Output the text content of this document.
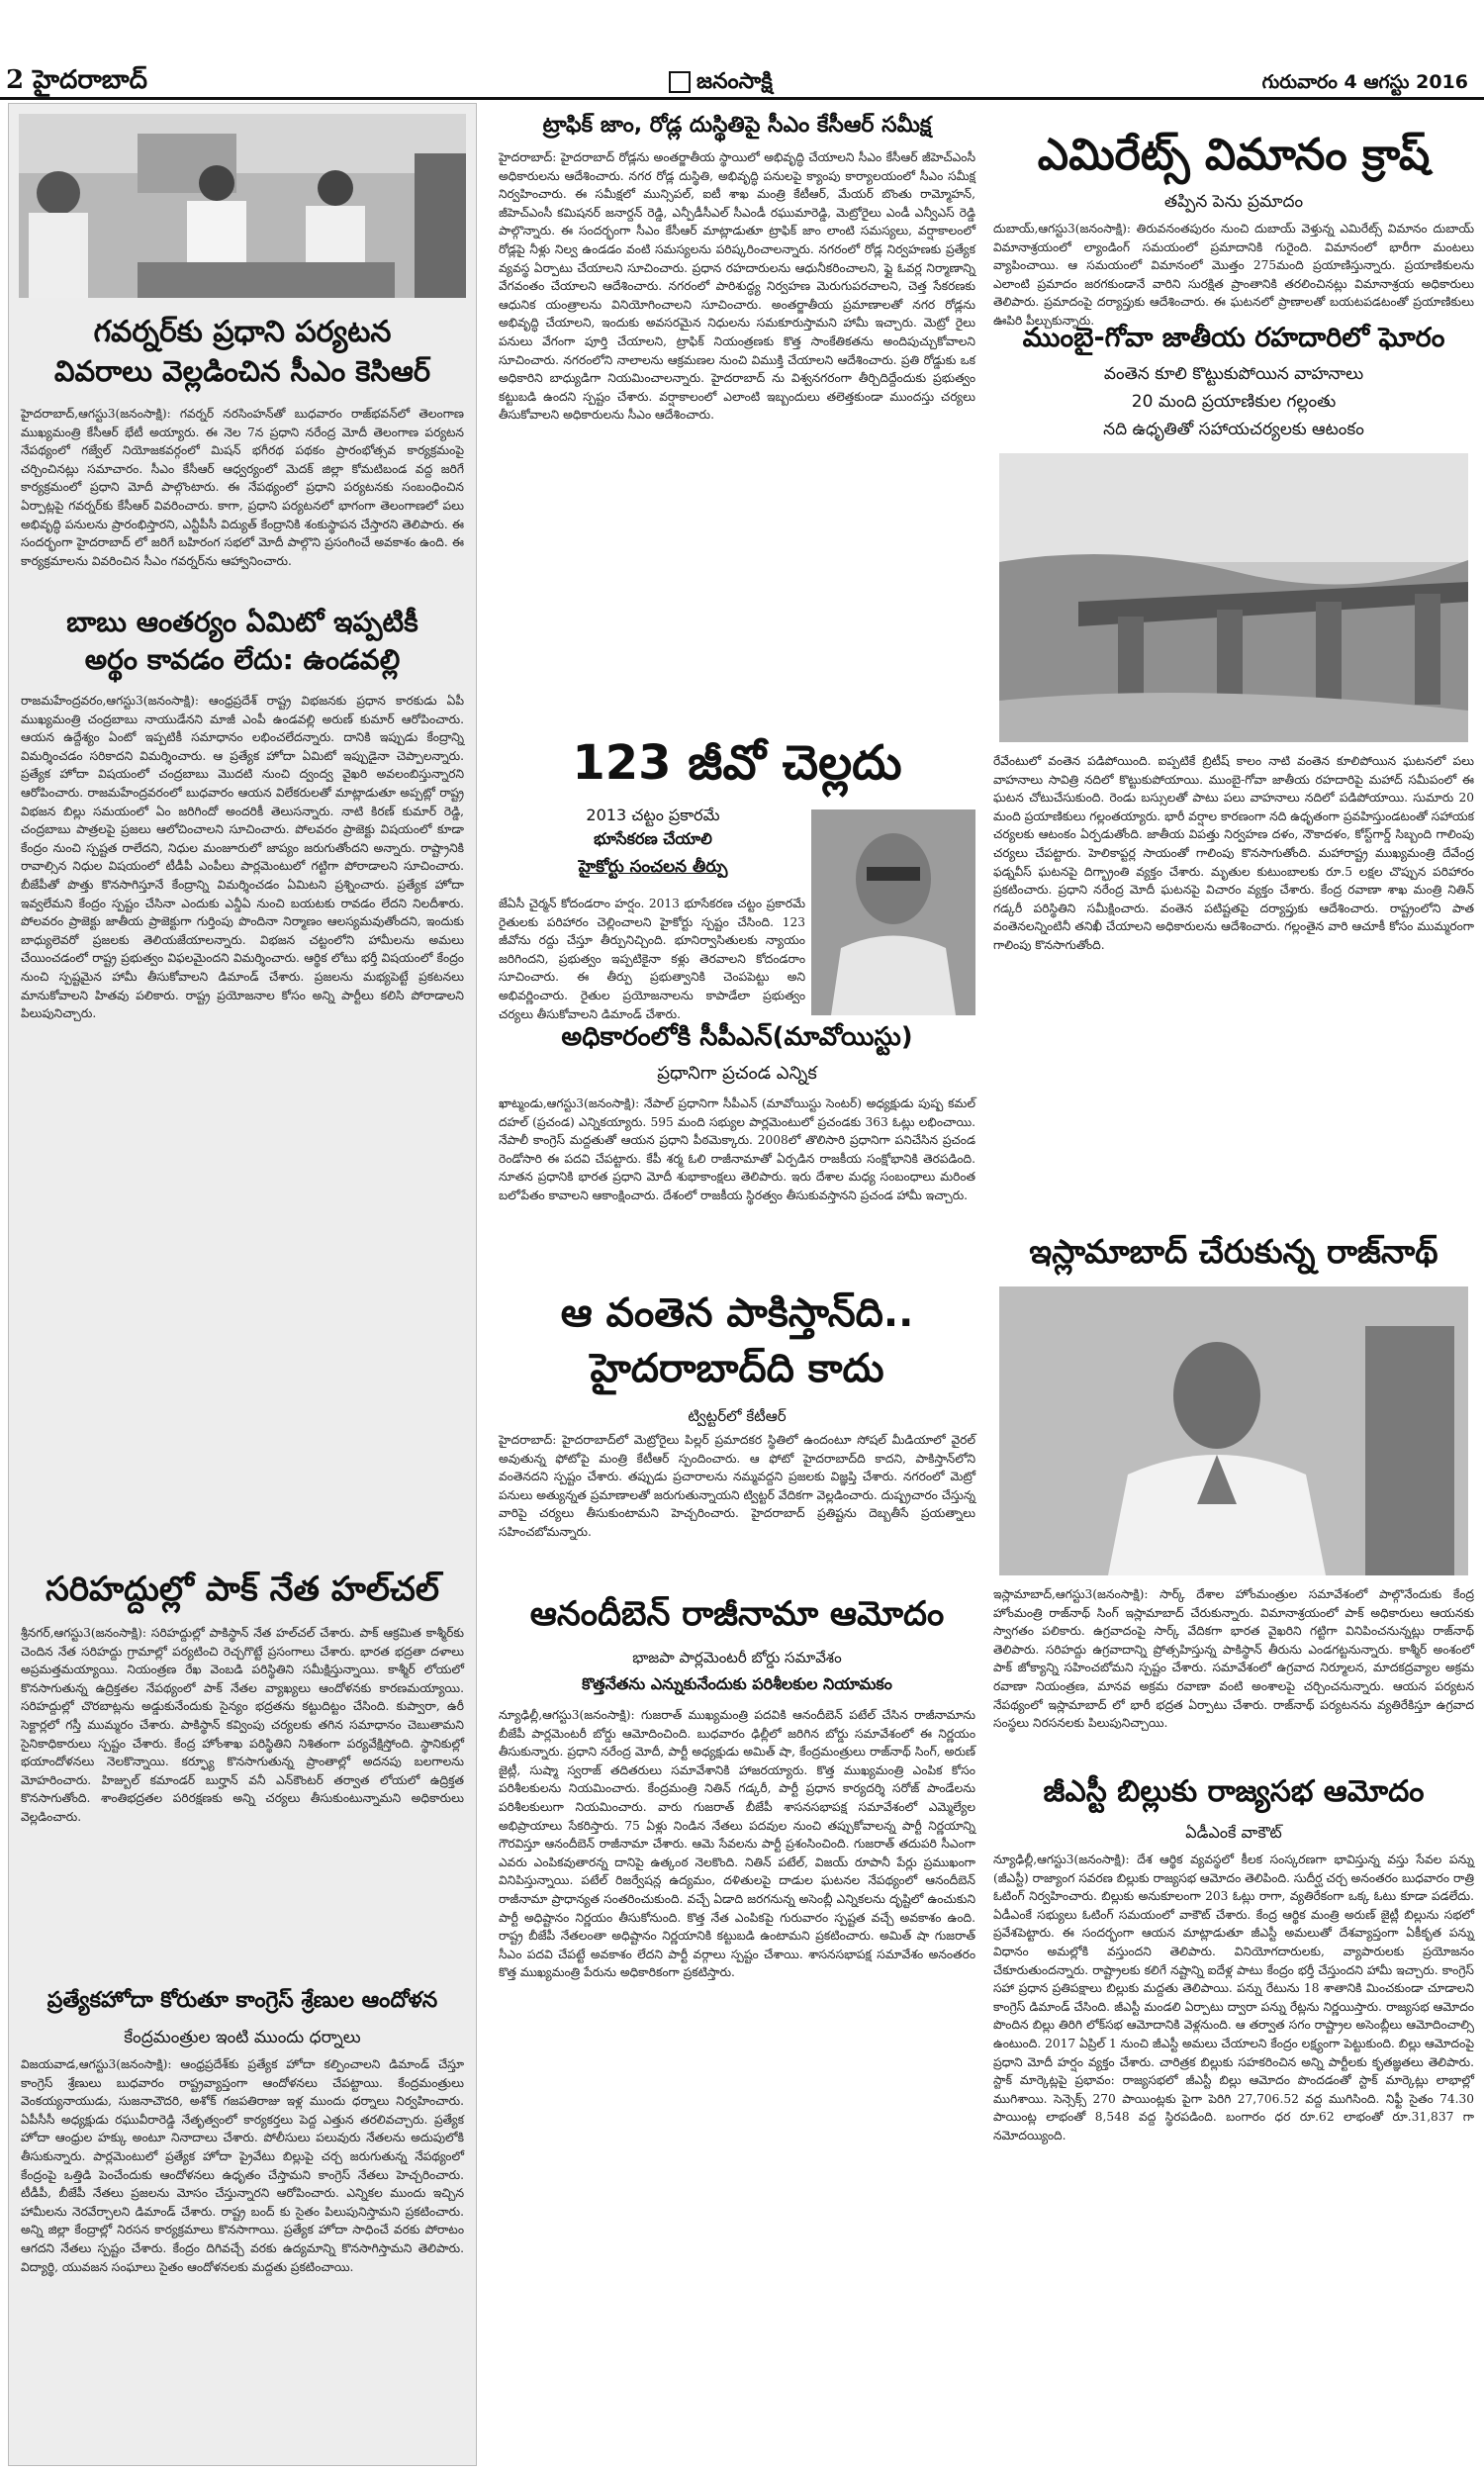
2 హైదరాబాద్	జనంసాక్షి	గురువారం 4 ఆగస్టు 2016
గవర్నర్‌కు ప్రధాని పర్యటన
వివరాలు వెల్లడించిన సీఎం కెసిఆర్
హైదరాబాద్,ఆగస్టు3(జనంసాక్షి): గవర్నర్ నరసింహన్‌తో బుధవారం రాజ్‌భవన్‌లో తెలంగాణ ముఖ్యమంత్రి కేసీఆర్ భేటీ అయ్యారు. ఈ నెల 7న ప్రధాని నరేంద్ర మోదీ తెలంగాణ పర్యటన నేపథ్యంలో గజ్వేల్ నియోజకవర్గంలో మిషన్ భగీరథ పథకం ప్రారంభోత్సవ కార్యక్రమంపై చర్చించినట్లు సమాచారం. సీఎం కేసీఆర్ ఆధ్వర్యంలో మెదక్ జిల్లా కోమటిబండ వద్ద జరిగే కార్యక్రమంలో ప్రధాని మోదీ పాల్గొంటారు. ఈ నేపథ్యంలో ప్రధాని పర్యటనకు సంబంధించిన ఏర్పాట్లపై గవర్నర్‌కు కేసీఆర్ వివరించారు. కాగా, ప్రధాని పర్యటనలో భాగంగా తెలంగాణలో పలు అభివృద్ధి పనులను ప్రారంభిస్తారని, ఎన్టీపీసీ విద్యుత్ కేంద్రానికి శంకుస్థాపన చేస్తారని తెలిపారు. ఈ సందర్భంగా హైదరాబాద్ లో జరిగే బహిరంగ సభలో మోదీ పాల్గొని ప్రసంగించే అవకాశం ఉంది. ఈ కార్యక్రమాలను వివరించిన సీఎం గవర్నర్‌ను ఆహ్వానించారు.
బాబు ఆంతర్యం ఏమిటో ఇప్పటికీ
అర్థం కావడం లేదు: ఉండవల్లి
రాజమహేంద్రవరం,ఆగస్టు3(జనంసాక్షి): ఆంధ్రప్రదేశ్ రాష్ట్ర విభజనకు ప్రధాన కారకుడు ఏపీ ముఖ్యమంత్రి చంద్రబాబు నాయుడేనని మాజీ ఎంపీ ఉండవల్లి అరుణ్ కుమార్ ఆరోపించారు. ఆయన ఉద్దేశ్యం ఏంటో ఇప్పటికీ సమాధానం లభించలేదన్నారు. దానికి ఇప్పుడు కేంద్రాన్ని విమర్శించడం సరికాదని విమర్శించారు. ఆ ప్రత్యేక హోదా ఏమిటో ఇప్పుడైనా చెప్పాలన్నారు. ప్రత్యేక హోదా విషయంలో చంద్రబాబు మొదటి నుంచి ద్వంద్వ వైఖరి అవలంబిస్తున్నారని ఆరోపించారు. రాజమహేంద్రవరంలో బుధవారం ఆయన విలేకరులతో మాట్లాడుతూ అప్పట్లో రాష్ట్ర విభజన బిల్లు సమయంలో ఏం జరిగిందో అందరికీ తెలుసన్నారు. నాటి కిరణ్ కుమార్ రెడ్డి, చంద్రబాబు పాత్రలపై ప్రజలు ఆలోచించాలని సూచించారు. పోలవరం ప్రాజెక్టు విషయంలో కూడా కేంద్రం నుంచి స్పష్టత రాలేదని, నిధుల మంజూరులో జాప్యం జరుగుతోందని అన్నారు. రాష్ట్రానికి రావాల్సిన నిధుల విషయంలో టీడీపీ ఎంపీలు పార్లమెంటులో గట్టిగా పోరాడాలని సూచించారు. బీజేపీతో పొత్తు కొనసాగిస్తూనే కేంద్రాన్ని విమర్శించడం ఏమిటని ప్రశ్నించారు. ప్రత్యేక హోదా ఇవ్వలేమని కేంద్రం స్పష్టం చేసినా ఎందుకు ఎన్డీఏ నుంచి బయటకు రావడం లేదని నిలదీశారు. పోలవరం ప్రాజెక్టు జాతీయ ప్రాజెక్టుగా గుర్తింపు పొందినా నిర్మాణం ఆలస్యమవుతోందని, ఇందుకు బాధ్యులెవరో ప్రజలకు తెలియజేయాలన్నారు. విభజన చట్టంలోని హామీలను అమలు చేయించడంలో రాష్ట్ర ప్రభుత్వం విఫలమైందని విమర్శించారు. ఆర్థిక లోటు భర్తీ విషయంలో కేంద్రం నుంచి స్పష్టమైన హామీ తీసుకోవాలని డిమాండ్ చేశారు. ప్రజలను మభ్యపెట్టే ప్రకటనలు మానుకోవాలని హితవు పలికారు. రాష్ట్ర ప్రయోజనాల కోసం అన్ని పార్టీలు కలిసి పోరాడాలని పిలుపునిచ్చారు.
సరిహద్దుల్లో పాక్ నేత హల్‌చల్
శ్రీనగర్,ఆగస్టు3(జనంసాక్షి): సరిహద్దుల్లో పాకిస్థాన్ నేత హల్‌చల్ చేశారు. పాక్ ఆక్రమిత కాశ్మీర్‌కు చెందిన నేత సరిహద్దు గ్రామాల్లో పర్యటించి రెచ్చగొట్టే ప్రసంగాలు చేశారు. భారత భద్రతా దళాలు అప్రమత్తమయ్యాయి. నియంత్రణ రేఖ వెంబడి పరిస్థితిని సమీక్షిస్తున్నాయి. కాశ్మీర్ లోయలో కొనసాగుతున్న ఉద్రిక్తతల నేపథ్యంలో పాక్ నేతల వ్యాఖ్యలు ఆందోళనకు కారణమయ్యాయి. సరిహద్దుల్లో చొరబాట్లను అడ్డుకునేందుకు సైన్యం భద్రతను కట్టుదిట్టం చేసింది. కుప్వారా, ఉరీ సెక్టార్లలో గస్తీ ముమ్మరం చేశారు. పాకిస్థాన్ కవ్వింపు చర్యలకు తగిన సమాధానం చెబుతామని సైనికాధికారులు స్పష్టం చేశారు. కేంద్ర హోంశాఖ పరిస్థితిని నిశితంగా పర్యవేక్షిస్తోంది. స్థానికుల్లో భయాందోళనలు నెలకొన్నాయి. కర్ఫ్యూ కొనసాగుతున్న ప్రాంతాల్లో అదనపు బలగాలను మోహరించారు. హిజ్బుల్ కమాండర్ బుర్హాన్ వనీ ఎన్‌కౌంటర్ తర్వాత లోయలో ఉద్రిక్తత కొనసాగుతోంది. శాంతిభద్రతల పరిరక్షణకు అన్ని చర్యలు తీసుకుంటున్నామని అధికారులు వెల్లడించారు.
ప్రత్యేకహోదా కోరుతూ కాంగ్రెస్ శ్రేణుల ఆందోళన
కేంద్రమంత్రుల ఇంటి ముందు ధర్నాలు
విజయవాడ,ఆగస్టు3(జనంసాక్షి): ఆంధ్రప్రదేశ్‌కు ప్రత్యేక హోదా కల్పించాలని డిమాండ్ చేస్తూ కాంగ్రెస్ శ్రేణులు బుధవారం రాష్ట్రవ్యాప్తంగా ఆందోళనలు చేపట్టాయి. కేంద్రమంత్రులు వెంకయ్యనాయుడు, సుజనాచౌదరి, అశోక్ గజపతిరాజు ఇళ్ల ముందు ధర్నాలు నిర్వహించారు. ఏపీసీసీ అధ్యక్షుడు రఘువీరారెడ్డి నేతృత్వంలో కార్యకర్తలు పెద్ద ఎత్తున తరలివచ్చారు. ప్రత్యేక హోదా ఆంధ్రుల హక్కు అంటూ నినాదాలు చేశారు. పోలీసులు పలువురు నేతలను అదుపులోకి తీసుకున్నారు. పార్లమెంటులో ప్రత్యేక హోదా ప్రైవేటు బిల్లుపై చర్చ జరుగుతున్న నేపథ్యంలో కేంద్రంపై ఒత్తిడి పెంచేందుకు ఆందోళనలు ఉధృతం చేస్తామని కాంగ్రెస్ నేతలు హెచ్చరించారు. టీడీపీ, బీజేపీ నేతలు ప్రజలను మోసం చేస్తున్నారని ఆరోపించారు. ఎన్నికల ముందు ఇచ్చిన హామీలను నెరవేర్చాలని డిమాండ్ చేశారు. రాష్ట్ర బంద్ కు సైతం పిలుపునిస్తామని ప్రకటించారు. అన్ని జిల్లా కేంద్రాల్లో నిరసన కార్యక్రమాలు కొనసాగాయి. ప్రత్యేక హోదా సాధించే వరకు పోరాటం ఆగదని నేతలు స్పష్టం చేశారు. కేంద్రం దిగివచ్చే వరకు ఉద్యమాన్ని కొనసాగిస్తామని తెలిపారు. విద్యార్థి, యువజన సంఘాలు సైతం ఆందోళనలకు మద్దతు ప్రకటించాయి.
ట్రాఫిక్ జాం, రోడ్ల దుస్థితిపై సీఎం కేసీఆర్ సమీక్ష
హైదరాబాద్: హైదరాబాద్ రోడ్లను అంతర్జాతీయ స్థాయిలో అభివృద్ధి చేయాలని సీఎం కేసీఆర్ జీహెచ్ఎంసీ అధికారులను ఆదేశించారు. నగర రోడ్ల దుస్థితి, అభివృద్ధి పనులపై క్యాంపు కార్యాలయంలో సీఎం సమీక్ష నిర్వహించారు. ఈ సమీక్షలో మున్సిపల్, ఐటీ శాఖ మంత్రి కేటీఆర్, మేయర్ బొంతు రామ్మోహన్, జీహెచ్ఎంసీ కమిషనర్ జనార్దన్ రెడ్డి, ఎన్పీడీసీఎల్ సీఎండీ రఘుమారెడ్డి, మెట్రోరైలు ఎండీ ఎన్వీఎస్ రెడ్డి పాల్గొన్నారు. ఈ సందర్భంగా సీఎం కేసీఆర్ మాట్లాడుతూ ట్రాఫిక్ జాం లాంటి సమస్యలు, వర్షాకాలంలో రోడ్లపై నీళ్లు నిల్వ ఉండడం వంటి సమస్యలను పరిష్కరించాలన్నారు. నగరంలో రోడ్ల నిర్వహణకు ప్రత్యేక వ్యవస్థ ఏర్పాటు చేయాలని సూచించారు. ప్రధాన రహదారులను ఆధునీకరించాలని, ఫ్లై ఓవర్ల నిర్మాణాన్ని వేగవంతం చేయాలని ఆదేశించారు. నగరంలో పారిశుద్ధ్య నిర్వహణ మెరుగుపరచాలని, చెత్త సేకరణకు ఆధునిక యంత్రాలను వినియోగించాలని సూచించారు. అంతర్జాతీయ ప్రమాణాలతో నగర రోడ్లను అభివృద్ధి చేయాలని, ఇందుకు అవసరమైన నిధులను సమకూరుస్తామని హామీ ఇచ్చారు. మెట్రో రైలు పనులు వేగంగా పూర్తి చేయాలని, ట్రాఫిక్ నియంత్రణకు కొత్త సాంకేతికతను అందిపుచ్చుకోవాలని సూచించారు. నగరంలోని నాలాలను ఆక్రమణల నుంచి విముక్తి చేయాలని ఆదేశించారు. ప్రతి రోడ్డుకు ఒక అధికారిని బాధ్యుడిగా నియమించాలన్నారు. హైదరాబాద్ ను విశ్వనగరంగా తీర్చిదిద్దేందుకు ప్రభుత్వం కట్టుబడి ఉందని స్పష్టం చేశారు. వర్షాకాలంలో ఎలాంటి ఇబ్బందులు తలెత్తకుండా ముందస్తు చర్యలు తీసుకోవాలని అధికారులను సీఎం ఆదేశించారు.
123 జీవో చెల్లదు
2013 చట్టం ప్రకారమే
భూసేకరణ చేయాలి
హైకోర్టు సంచలన తీర్పు
జేఏసీ చైర్మన్ కోదండరాం హర్షం. 2013 భూసేకరణ చట్టం ప్రకారమే రైతులకు పరిహారం చెల్లించాలని హైకోర్టు స్పష్టం చేసింది. 123 జీవోను రద్దు చేస్తూ తీర్పునిచ్చింది. భూనిర్వాసితులకు న్యాయం జరిగిందని, ప్రభుత్వం ఇప్పటికైనా కళ్లు తెరవాలని కోదండరాం సూచించారు. ఈ తీర్పు ప్రభుత్వానికి చెంపపెట్టు అని అభివర్ణించారు. రైతుల ప్రయోజనాలను కాపాడేలా ప్రభుత్వం చర్యలు తీసుకోవాలని డిమాండ్ చేశారు.
అధికారంలోకి సీపీఎన్(మావోయిస్టు)
ప్రధానిగా ప్రచండ ఎన్నిక
ఖాట్మండు,ఆగస్టు3(జనంసాక్షి): నేపాల్ ప్రధానిగా సీపీఎన్ (మావోయిస్టు సెంటర్) అధ్యక్షుడు పుష్ప కమల్ దహల్ (ప్రచండ) ఎన్నికయ్యారు. 595 మంది సభ్యుల పార్లమెంటులో ప్రచండకు 363 ఓట్లు లభించాయి. నేపాలీ కాంగ్రెస్ మద్దతుతో ఆయన ప్రధాని పీఠమెక్కారు. 2008లో తొలిసారి ప్రధానిగా పనిచేసిన ప్రచండ రెండోసారి ఈ పదవి చేపట్టారు. కేపీ శర్మ ఓలి రాజీనామాతో ఏర్పడిన రాజకీయ సంక్షోభానికి తెరపడింది. నూతన ప్రధానికి భారత ప్రధాని మోదీ శుభాకాంక్షలు తెలిపారు. ఇరు దేశాల మధ్య సంబంధాలు మరింత బలోపేతం కావాలని ఆకాంక్షించారు. దేశంలో రాజకీయ స్థిరత్వం తీసుకువస్తానని ప్రచండ హామీ ఇచ్చారు.
ఆ వంతెన పాకిస్తాన్‌ది..
హైదరాబాద్‌ది కాదు
ట్విట్టర్‌లో కేటీఆర్
హైదరాబాద్: హైదరాబాద్‌లో మెట్రోరైలు పిల్లర్ ప్రమాదకర స్థితిలో ఉందంటూ సోషల్ మీడియాలో వైరల్ అవుతున్న ఫోటోపై మంత్రి కేటీఆర్ స్పందించారు. ఆ ఫోటో హైదరాబాద్‌ది కాదని, పాకిస్తాన్‌లోని వంతెనదని స్పష్టం చేశారు. తప్పుడు ప్రచారాలను నమ్మవద్దని ప్రజలకు విజ్ఞప్తి చేశారు. నగరంలో మెట్రో పనులు అత్యున్నత ప్రమాణాలతో జరుగుతున్నాయని ట్విట్టర్ వేదికగా వెల్లడించారు. దుష్ప్రచారం చేస్తున్న వారిపై చర్యలు తీసుకుంటామని హెచ్చరించారు. హైదరాబాద్ ప్రతిష్టను దెబ్బతీసే ప్రయత్నాలు సహించబోమన్నారు.
ఆనందీబెన్ రాజీనామా ఆమోదం
భాజపా పార్లమెంటరీ బోర్డు సమావేశం
కొత్తనేతను ఎన్నుకునేందుకు పరిశీలకుల నియామకం
న్యూఢిల్లీ,ఆగస్టు3(జనంసాక్షి): గుజరాత్ ముఖ్యమంత్రి పదవికి ఆనందీబెన్ పటేల్ చేసిన రాజీనామాను బీజేపీ పార్లమెంటరీ బోర్డు ఆమోదించింది. బుధవారం ఢిల్లీలో జరిగిన బోర్డు సమావేశంలో ఈ నిర్ణయం తీసుకున్నారు. ప్రధాని నరేంద్ర మోదీ, పార్టీ అధ్యక్షుడు అమిత్ షా, కేంద్రమంత్రులు రాజ్‌నాథ్ సింగ్, అరుణ్ జైట్లీ, సుష్మా స్వరాజ్ తదితరులు సమావేశానికి హాజరయ్యారు. కొత్త ముఖ్యమంత్రి ఎంపిక కోసం పరిశీలకులను నియమించారు. కేంద్రమంత్రి నితిన్ గడ్కరీ, పార్టీ ప్రధాన కార్యదర్శి సరోజ్ పాండేలను పరిశీలకులుగా నియమించారు. వారు గుజరాత్ బీజేపీ శాసనసభాపక్ష సమావేశంలో ఎమ్మెల్యేల అభిప్రాయాలు సేకరిస్తారు. 75 ఏళ్లు నిండిన నేతలు పదవుల నుంచి తప్పుకోవాలన్న పార్టీ నిర్ణయాన్ని గౌరవిస్తూ ఆనందీబెన్ రాజీనామా చేశారు. ఆమె సేవలను పార్టీ ప్రశంసించింది. గుజరాత్ తదుపరి సీఎంగా ఎవరు ఎంపికవుతారన్న దానిపై ఉత్కంఠ నెలకొంది. నితిన్ పటేల్, విజయ్ రూపానీ పేర్లు ప్రముఖంగా వినిపిస్తున్నాయి. పటేల్ రిజర్వేషన్ల ఉద్యమం, దళితులపై దాడుల ఘటనల నేపథ్యంలో ఆనందీబెన్ రాజీనామా ప్రాధాన్యత సంతరించుకుంది. వచ్చే ఏడాది జరగనున్న అసెంబ్లీ ఎన్నికలను దృష్టిలో ఉంచుకుని పార్టీ అధిష్టానం నిర్ణయం తీసుకోనుంది. కొత్త నేత ఎంపికపై గురువారం స్పష్టత వచ్చే అవకాశం ఉంది. రాష్ట్ర బీజేపీ నేతలంతా అధిష్టానం నిర్ణయానికి కట్టుబడి ఉంటామని ప్రకటించారు. అమిత్ షా గుజరాత్ సీఎం పదవి చేపట్టే అవకాశం లేదని పార్టీ వర్గాలు స్పష్టం చేశాయి. శాసనసభాపక్ష సమావేశం అనంతరం కొత్త ముఖ్యమంత్రి పేరును అధికారికంగా ప్రకటిస్తారు.
ఎమిరేట్స్ విమానం క్రాష్
తప్పిన పెను ప్రమాదం
దుబాయ్,ఆగస్టు3(జనంసాక్షి): తిరువనంతపురం నుంచి దుబాయ్ వెళ్తున్న ఎమిరేట్స్ విమానం దుబాయ్ విమానాశ్రయంలో ల్యాండింగ్ సమయంలో ప్రమాదానికి గురైంది. విమానంలో భారీగా మంటలు వ్యాపించాయి. ఆ సమయంలో విమానంలో మొత్తం 275మంది ప్రయాణిస్తున్నారు. ప్రయాణికులను ఎలాంటి ప్రమాదం జరగకుండానే వారిని సురక్షిత ప్రాంతానికి తరలించినట్లు విమానాశ్రయ అధికారులు తెలిపారు. ప్రమాదంపై దర్యాప్తుకు ఆదేశించారు. ఈ ఘటనలో ప్రాణాలతో బయటపడటంతో ప్రయాణికులు ఊపిరి పీల్చుకున్నారు.
ముంబై-గోవా జాతీయ రహదారిలో ఘోరం
వంతెన కూలి కొట్టుకుపోయిన వాహనాలు
20 మంది ప్రయాణికుల గల్లంతు
నది ఉధృతితో సహాయచర్యలకు ఆటంకం
రేవేంటులో వంతెన పడిపోయింది. ఐప్పటికే బ్రిటీష్ కాలం నాటి వంతెన కూలిపోయిన ఘటనలో పలు వాహనాలు సావిత్రి నదిలో కొట్టుకుపోయాయి. ముంబై-గోవా జాతీయ రహదారిపై మహాద్ సమీపంలో ఈ ఘటన చోటుచేసుకుంది. రెండు బస్సులతో పాటు పలు వాహనాలు నదిలో పడిపోయాయి. సుమారు 20 మంది ప్రయాణికులు గల్లంతయ్యారు. భారీ వర్షాల కారణంగా నది ఉధృతంగా ప్రవహిస్తుండటంతో సహాయక చర్యలకు ఆటంకం ఏర్పడుతోంది. జాతీయ విపత్తు నిర్వహణ దళం, నౌకాదళం, కోస్ట్‌గార్డ్ సిబ్బంది గాలింపు చర్యలు చేపట్టారు. హెలికాప్టర్ల సాయంతో గాలింపు కొనసాగుతోంది. మహారాష్ట్ర ముఖ్యమంత్రి దేవేంద్ర ఫడ్నవీస్ ఘటనపై దిగ్భ్రాంతి వ్యక్తం చేశారు. మృతుల కుటుంబాలకు రూ.5 లక్షల చొప్పున పరిహారం ప్రకటించారు. ప్రధాని నరేంద్ర మోదీ ఘటనపై విచారం వ్యక్తం చేశారు. కేంద్ర రవాణా శాఖ మంత్రి నితిన్ గడ్కరీ పరిస్థితిని సమీక్షించారు. వంతెన పటిష్టతపై దర్యాప్తుకు ఆదేశించారు. రాష్ట్రంలోని పాత వంతెనలన్నింటినీ తనిఖీ చేయాలని అధికారులను ఆదేశించారు. గల్లంతైన వారి ఆచూకీ కోసం ముమ్మరంగా గాలింపు కొనసాగుతోంది.
ఇస్లామాబాద్ చేరుకున్న రాజ్‌నాథ్
ఇస్లామాబాద్,ఆగస్టు3(జనంసాక్షి): సార్క్ దేశాల హోంమంత్రుల సమావేశంలో పాల్గొనేందుకు కేంద్ర హోంమంత్రి రాజ్‌నాథ్ సింగ్ ఇస్లామాబాద్ చేరుకున్నారు. విమానాశ్రయంలో పాక్ అధికారులు ఆయనకు స్వాగతం పలికారు. ఉగ్రవాదంపై సార్క్ వేదికగా భారత వైఖరిని గట్టిగా వినిపించనున్నట్లు రాజ్‌నాథ్ తెలిపారు. సరిహద్దు ఉగ్రవాదాన్ని ప్రోత్సహిస్తున్న పాకిస్థాన్ తీరును ఎండగట్టనున్నారు. కాశ్మీర్ అంశంలో పాక్ జోక్యాన్ని సహించబోమని స్పష్టం చేశారు. సమావేశంలో ఉగ్రవాద నిర్మూలన, మాదకద్రవ్యాల అక్రమ రవాణా నియంత్రణ, మానవ అక్రమ రవాణా వంటి అంశాలపై చర్చించనున్నారు. ఆయన పర్యటన నేపథ్యంలో ఇస్లామాబాద్ లో భారీ భద్రత ఏర్పాటు చేశారు. రాజ్‌నాథ్ పర్యటనను వ్యతిరేకిస్తూ ఉగ్రవాద సంస్థలు నిరసనలకు పిలుపునిచ్చాయి.
జీఎస్టీ బిల్లుకు రాజ్యసభ ఆమోదం
ఏడీఎంకే వాకౌట్
న్యూఢిల్లీ,ఆగస్టు3(జనంసాక్షి): దేశ ఆర్థిక వ్యవస్థలో కీలక సంస్కరణగా భావిస్తున్న వస్తు సేవల పన్ను (జీఎస్టీ) రాజ్యాంగ సవరణ బిల్లుకు రాజ్యసభ ఆమోదం తెలిపింది. సుదీర్ఘ చర్చ అనంతరం బుధవారం రాత్రి ఓటింగ్ నిర్వహించారు. బిల్లుకు అనుకూలంగా 203 ఓట్లు రాగా, వ్యతిరేకంగా ఒక్క ఓటు కూడా పడలేదు. ఏడీఎంకే సభ్యులు ఓటింగ్ సమయంలో వాకౌట్ చేశారు. కేంద్ర ఆర్థిక మంత్రి అరుణ్ జైట్లీ బిల్లును సభలో ప్రవేశపెట్టారు. ఈ సందర్భంగా ఆయన మాట్లాడుతూ జీఎస్టీ అమలుతో దేశవ్యాప్తంగా ఏకీకృత పన్ను విధానం అమల్లోకి వస్తుందని తెలిపారు. వినియోగదారులకు, వ్యాపారులకు ప్రయోజనం చేకూరుతుందన్నారు. రాష్ట్రాలకు కలిగే నష్టాన్ని ఐదేళ్ల పాటు కేంద్రం భర్తీ చేస్తుందని హామీ ఇచ్చారు. కాంగ్రెస్ సహా ప్రధాన ప్రతిపక్షాలు బిల్లుకు మద్దతు తెలిపాయి. పన్ను రేటును 18 శాతానికి మించకుండా చూడాలని కాంగ్రెస్ డిమాండ్ చేసింది. జీఎస్టీ మండలి ఏర్పాటు ద్వారా పన్ను రేట్లను నిర్ణయిస్తారు. రాజ్యసభ ఆమోదం పొందిన బిల్లు తిరిగి లోక్‌సభ ఆమోదానికి వెళ్లనుంది. ఆ తర్వాత సగం రాష్ట్రాల అసెంబ్లీలు ఆమోదించాల్సి ఉంటుంది. 2017 ఏప్రిల్ 1 నుంచి జీఎస్టీ అమలు చేయాలని కేంద్రం లక్ష్యంగా పెట్టుకుంది. బిల్లు ఆమోదంపై ప్రధాని మోదీ హర్షం వ్యక్తం చేశారు. చారిత్రక బిల్లుకు సహకరించిన అన్ని పార్టీలకు కృతజ్ఞతలు తెలిపారు. స్టాక్ మార్కెట్లపై ప్రభావం: రాజ్యసభలో జీఎస్టీ బిల్లు ఆమోదం పొందడంతో స్టాక్ మార్కెట్లు లాభాల్లో ముగిశాయి. సెన్సెక్స్ 270 పాయింట్లకు పైగా పెరిగి 27,706.52 వద్ద ముగిసింది. నిఫ్టీ సైతం 74.30 పాయింట్ల లాభంతో 8,548 వద్ద స్థిరపడింది. బంగారం ధర రూ.62 లాభంతో రూ.31,837 గా నమోదయ్యింది.
